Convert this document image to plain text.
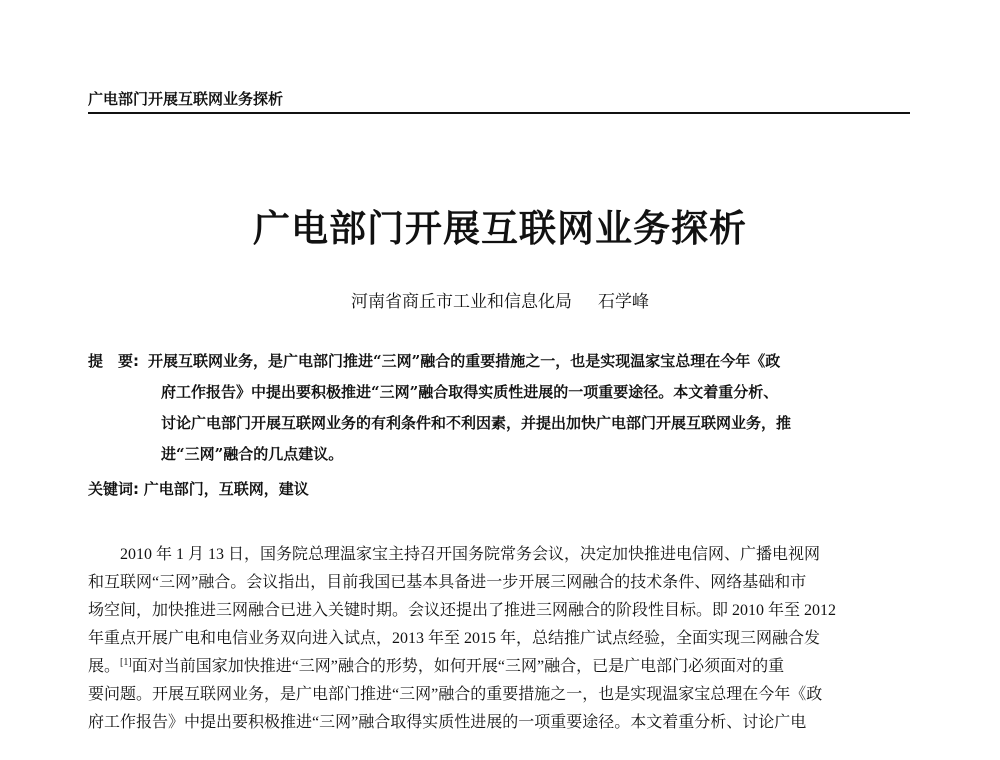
广电部门开展互联网业务探析
广电部门开展互联网业务探析
河南省商丘市工业和信息化局 石学峰
提　要: 开展互联网业务，是广电部门推进“三网”融合的重要措施之一，也是实现温家宝总理在今年《政
府工作报告》中提出要积极推进“三网”融合取得实质性进展的一项重要途径。本文着重分析、
讨论广电部门开展互联网业务的有利条件和不利因素，并提出加快广电部门开展互联网业务，推
进“三网”融合的几点建议。
关键词: 广电部门，互联网，建议
2010 年 1 月 13 日，国务院总理温家宝主持召开国务院常务会议，决定加快推进电信网、广播电视网
和互联网“三网”融合。会议指出，目前我国已基本具备进一步开展三网融合的技术条件、网络基础和市
场空间，加快推进三网融合已进入关键时期。会议还提出了推进三网融合的阶段性目标。即 2010 年至 2012
年重点开展广电和电信业务双向进入试点，2013 年至 2015 年，总结推广试点经验，全面实现三网融合发
展。[1]面对当前国家加快推进“三网”融合的形势，如何开展“三网”融合，已是广电部门必须面对的重
要问题。开展互联网业务，是广电部门推进“三网”融合的重要措施之一，也是实现温家宝总理在今年《政
府工作报告》中提出要积极推进“三网”融合取得实质性进展的一项重要途径。本文着重分析、讨论广电
